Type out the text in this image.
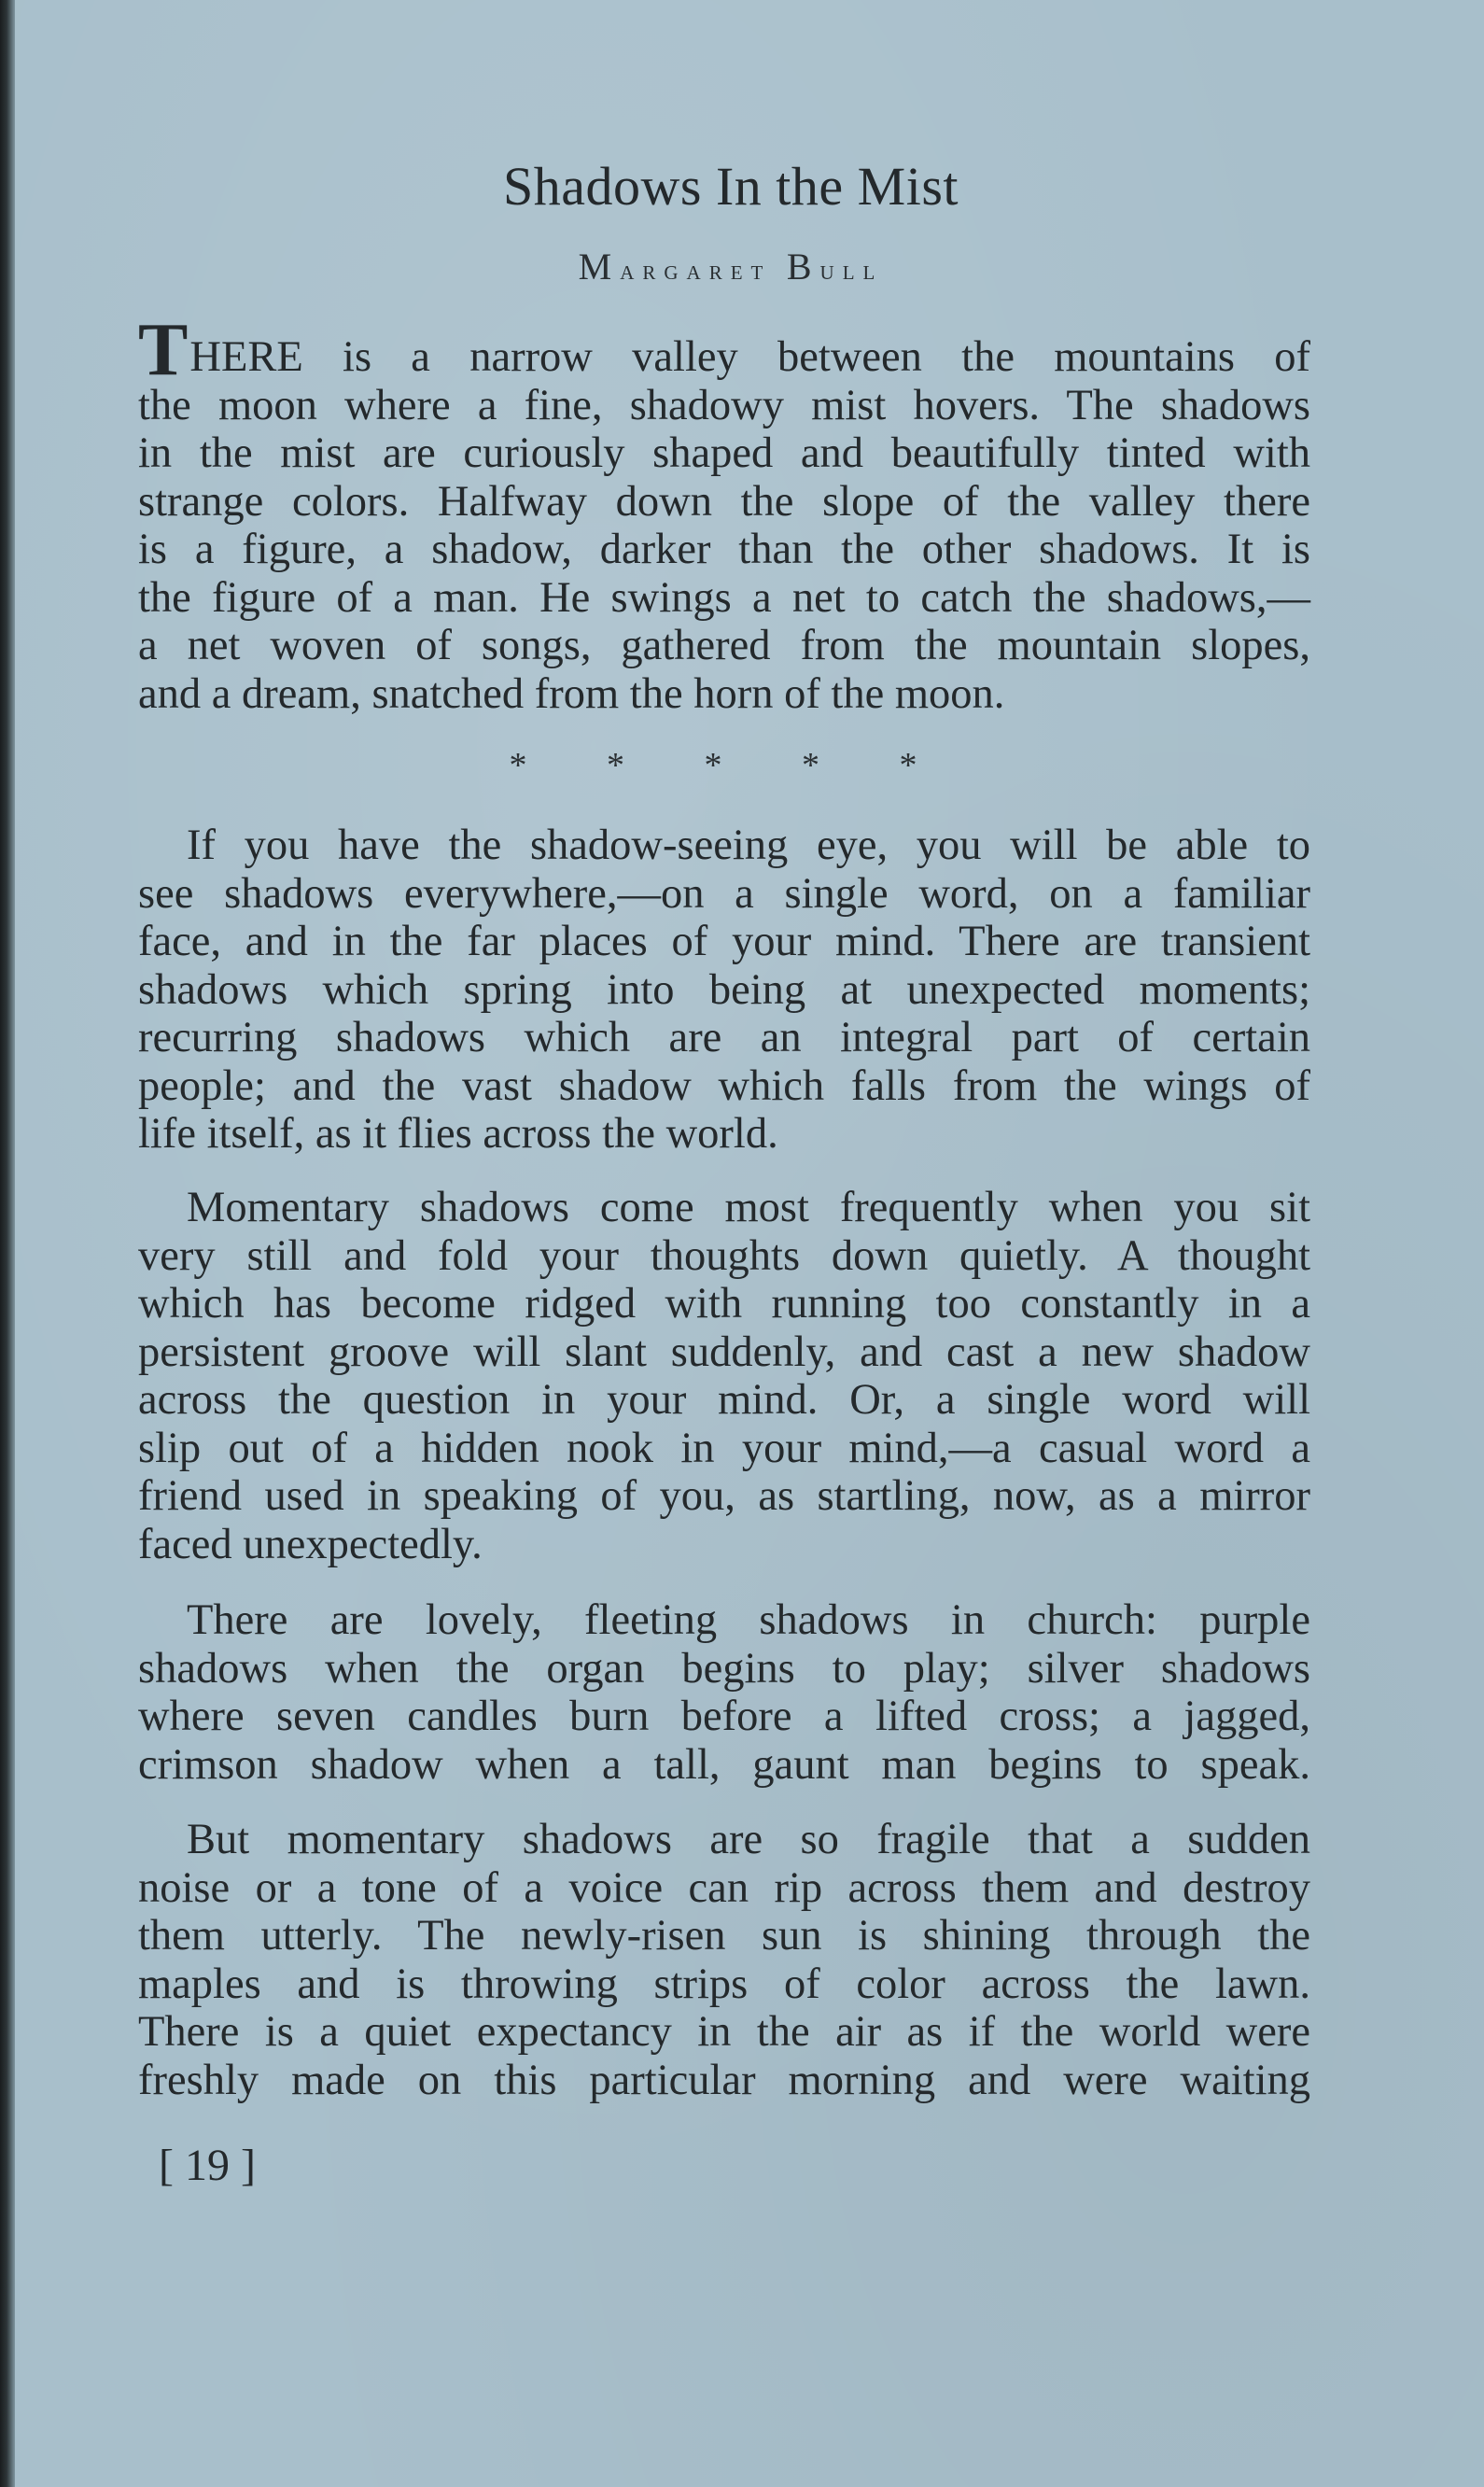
Shadows In the Mist
Margaret Bull
THERE is a narrow valley between the mountains of
the moon where a fine, shadowy mist hovers. The shadows
in the mist are curiously shaped and beautifully tinted with
strange colors. Halfway down the slope of the valley there
is a figure, a shadow, darker than the other shadows. It is
the figure of a man. He swings a net to catch the shadows,—
a net woven of songs, gathered from the mountain slopes,
and a dream, snatched from the horn of the moon.
* * * * *
If you have the shadow-seeing eye, you will be able to
see shadows everywhere,—on a single word, on a familiar
face, and in the far places of your mind. There are transient
shadows which spring into being at unexpected moments;
recurring shadows which are an integral part of certain
people; and the vast shadow which falls from the wings of
life itself, as it flies across the world.
Momentary shadows come most frequently when you sit
very still and fold your thoughts down quietly. A thought
which has become ridged with running too constantly in a
persistent groove will slant suddenly, and cast a new shadow
across the question in your mind. Or, a single word will
slip out of a hidden nook in your mind,—a casual word a
friend used in speaking of you, as startling, now, as a mirror
faced unexpectedly.
There are lovely, fleeting shadows in church: purple
shadows when the organ begins to play; silver shadows
where seven candles burn before a lifted cross; a jagged,
crimson shadow when a tall, gaunt man begins to speak.
But momentary shadows are so fragile that a sudden
noise or a tone of a voice can rip across them and destroy
them utterly. The newly-risen sun is shining through the
maples and is throwing strips of color across the lawn.
There is a quiet expectancy in the air as if the world were
freshly made on this particular morning and were waiting
[ 19 ]
